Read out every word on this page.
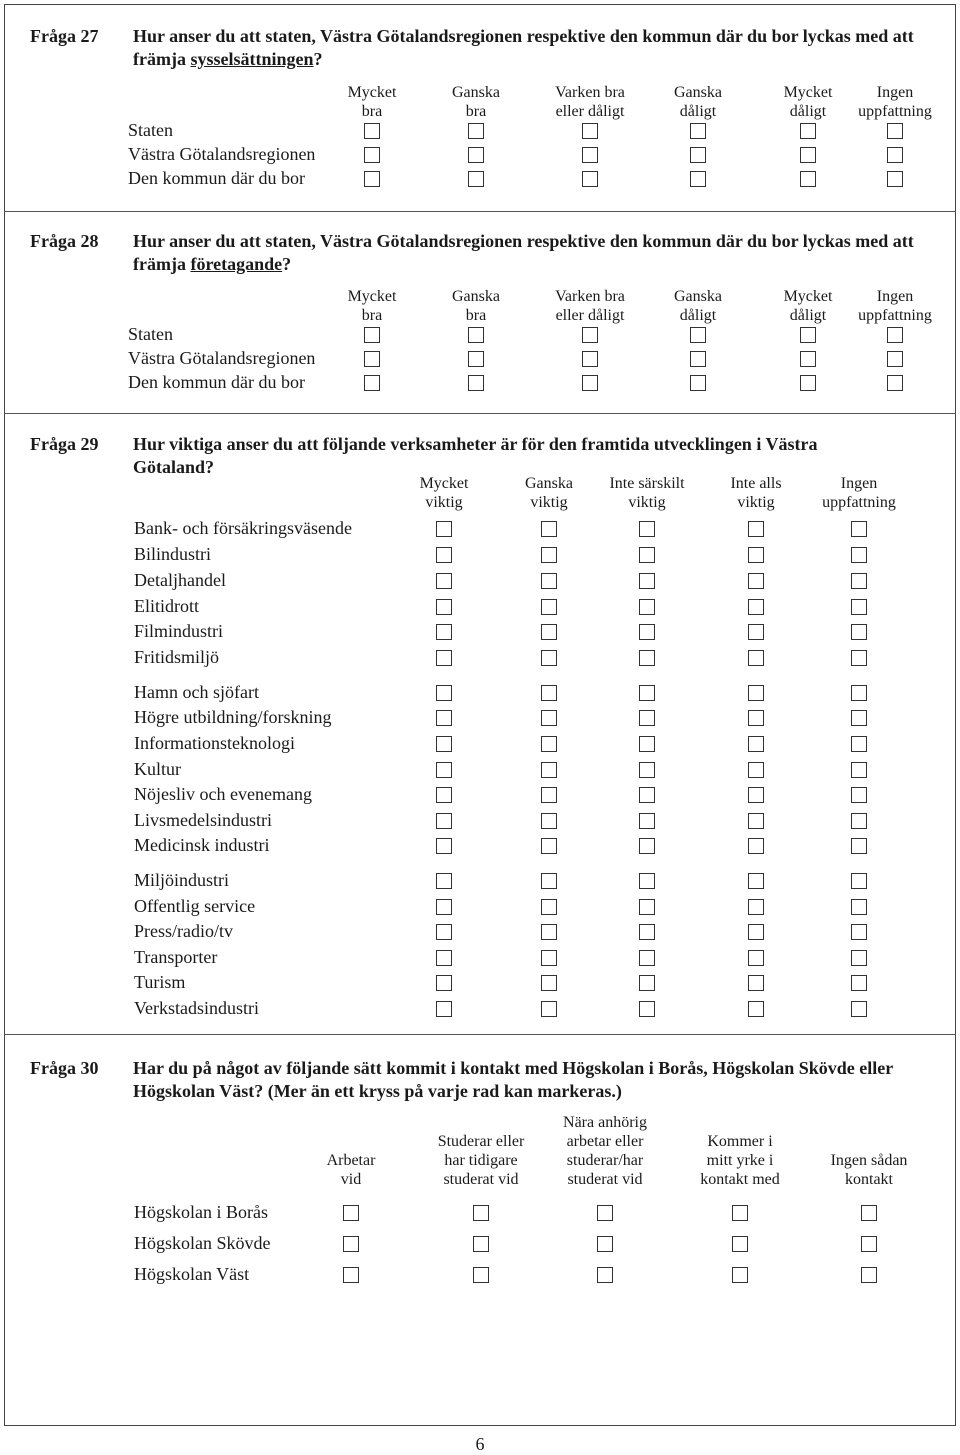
Fråga 27 Hur anser du att staten, Västra Götalandsregionen respektive den kommun där du bor lyckas med att främja sysselsättningen?
Mycket
bra
Ganska
bra
Varken bra
eller dåligt
Ganska
dåligt
Mycket
dåligt
Ingen
uppfattning
Staten
Västra Götalandsregionen
Den kommun där du bor
Fråga 28 Hur anser du att staten, Västra Götalandsregionen respektive den kommun där du bor lyckas med att främja företagande?
Mycket
bra
Ganska
bra
Varken bra
eller dåligt
Ganska
dåligt
Mycket
dåligt
Ingen
uppfattning
Staten
Västra Götalandsregionen
Den kommun där du bor
Fråga 29 Hur viktiga anser du att följande verksamheter är för den framtida utvecklingen i Västra Götaland?
Mycket
viktig
Ganska
viktig
Inte särskilt
viktig
Inte alls
viktig
Ingen
uppfattning
Bank- och försäkringsväsende
Bilindustri
Detaljhandel
Elitidrott
Filmindustri
Fritidsmiljö
Hamn och sjöfart
Högre utbildning/forskning
Informationsteknologi
Kultur
Nöjesliv och evenemang
Livsmedelsindustri
Medicinsk industri
Miljöindustri
Offentlig service
Press/radio/tv
Transporter
Turism
Verkstadsindustri
Fråga 30 Har du på något av följande sätt kommit i kontakt med Högskolan i Borås, Högskolan Skövde eller Högskolan Väst? (Mer än ett kryss på varje rad kan markeras.)
Arbetar
vid
Studerar eller
har tidigare
studerat vid
Nära anhörig
arbetar eller
studerar/har
studerat vid
Kommer i
mitt yrke i
kontakt med
Ingen sådan
kontakt
Högskolan i Borås
Högskolan Skövde
Högskolan Väst
6
